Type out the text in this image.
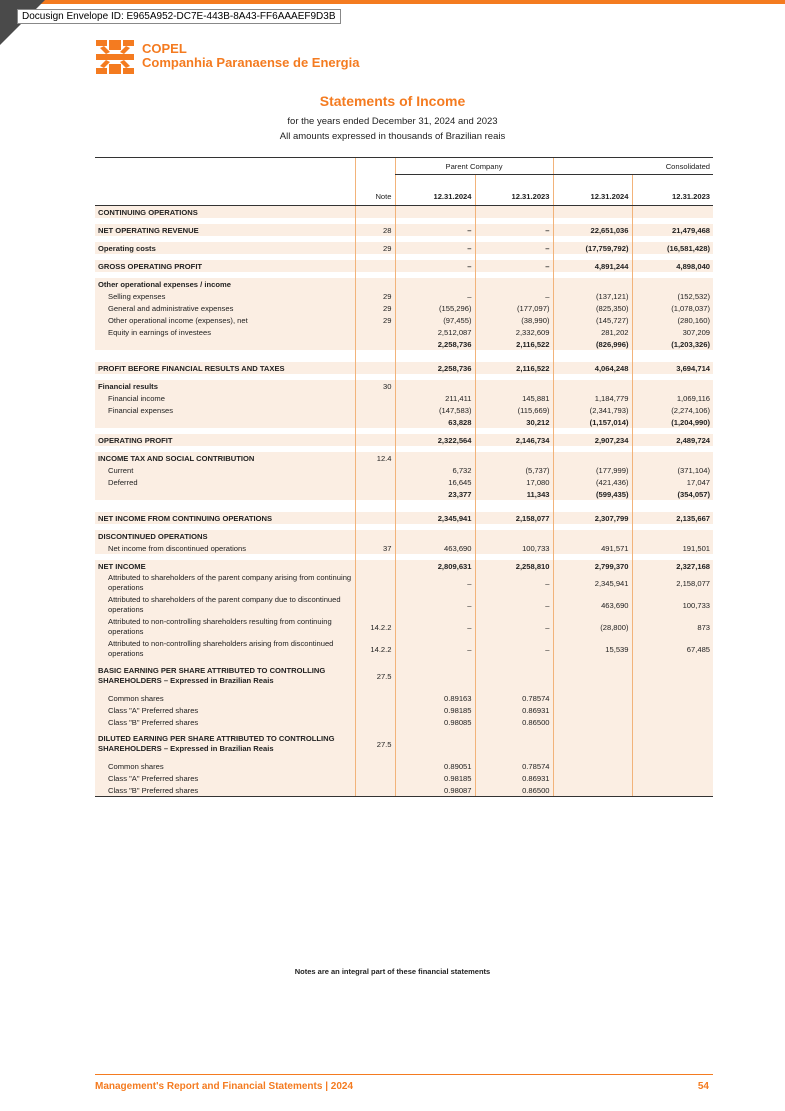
Docusign Envelope ID: E965A952-DC7E-443B-8A43-FF6AAAEF9D3B
COPEL
Companhia Paranaense de Energia
Statements of Income
for the years ended December 31, 2024 and 2023
All amounts expressed in thousands of Brazilian reais
		Parent Company		Consolidated	

	Note	12.31.2024	12.31.2023	12.31.2024	12.31.2023
CONTINUING OPERATIONS					

NET OPERATING REVENUE	28	–	–	22,651,036	21,479,468

Operating costs	29	–	–	(17,759,792)	(16,581,428)

GROSS OPERATING PROFIT		–	–	4,891,244	4,898,040

Other operational expenses / income					
Selling expenses	29	–	–	(137,121)	(152,532)
General and administrative expenses	29	(155,296)	(177,097)	(825,350)	(1,078,037)
Other operational income (expenses), net	29	(97,455)	(38,990)	(145,727)	(280,160)
Equity in earnings of investees		2,512,087	2,332,609	281,202	307,209
		2,258,736	2,116,522	(826,996)	(1,203,326)

PROFIT BEFORE FINANCIAL RESULTS AND TAXES		2,258,736	2,116,522	4,064,248	3,694,714

Financial results	30				
Financial income		211,411	145,881	1,184,779	1,069,116
Financial expenses		(147,583)	(115,669)	(2,341,793)	(2,274,106)
		63,828	30,212	(1,157,014)	(1,204,990)

OPERATING PROFIT		2,322,564	2,146,734	2,907,234	2,489,724

INCOME TAX AND SOCIAL CONTRIBUTION	12.4				
Current		6,732	(5,737)	(177,999)	(371,104)
Deferred		16,645	17,080	(421,436)	17,047
		23,377	11,343	(599,435)	(354,057)

NET INCOME FROM CONTINUING OPERATIONS		2,345,941	2,158,077	2,307,799	2,135,667

DISCONTINUED OPERATIONS					
Net income from discontinued operations	37	463,690	100,733	491,571	191,501

NET INCOME		2,809,631	2,258,810	2,799,370	2,327,168
Attributed to shareholders of the parent company arising from continuing operations		–	–	2,345,941	2,158,077
Attributed to shareholders of the parent company due to discontinued operations		–	–	463,690	100,733
Attributed to non-controlling shareholders resulting from continuing operations	14.2.2	–	–	(28,800)	873
Attributed to non-controlling shareholders arising from discontinued operations	14.2.2	–	–	15,539	67,485
BASIC EARNING PER SHARE ATTRIBUTED TO CONTROLLING SHAREHOLDERS – Expressed in Brazilian Reais	27.5				
Common shares		0.89163	0.78574		
Class "A" Preferred shares		0.98185	0.86931		
Class "B" Preferred shares		0.98085	0.86500		
DILUTED EARNING PER SHARE ATTRIBUTED TO CONTROLLING SHAREHOLDERS – Expressed in Brazilian Reais	27.5				
Common shares		0.89051	0.78574		
Class "A" Preferred shares		0.98185	0.86931		
Class "B" Preferred shares		0.98087	0.86500		
Notes are an integral part of these financial statements
Management's Report and Financial Statements | 2024	54
